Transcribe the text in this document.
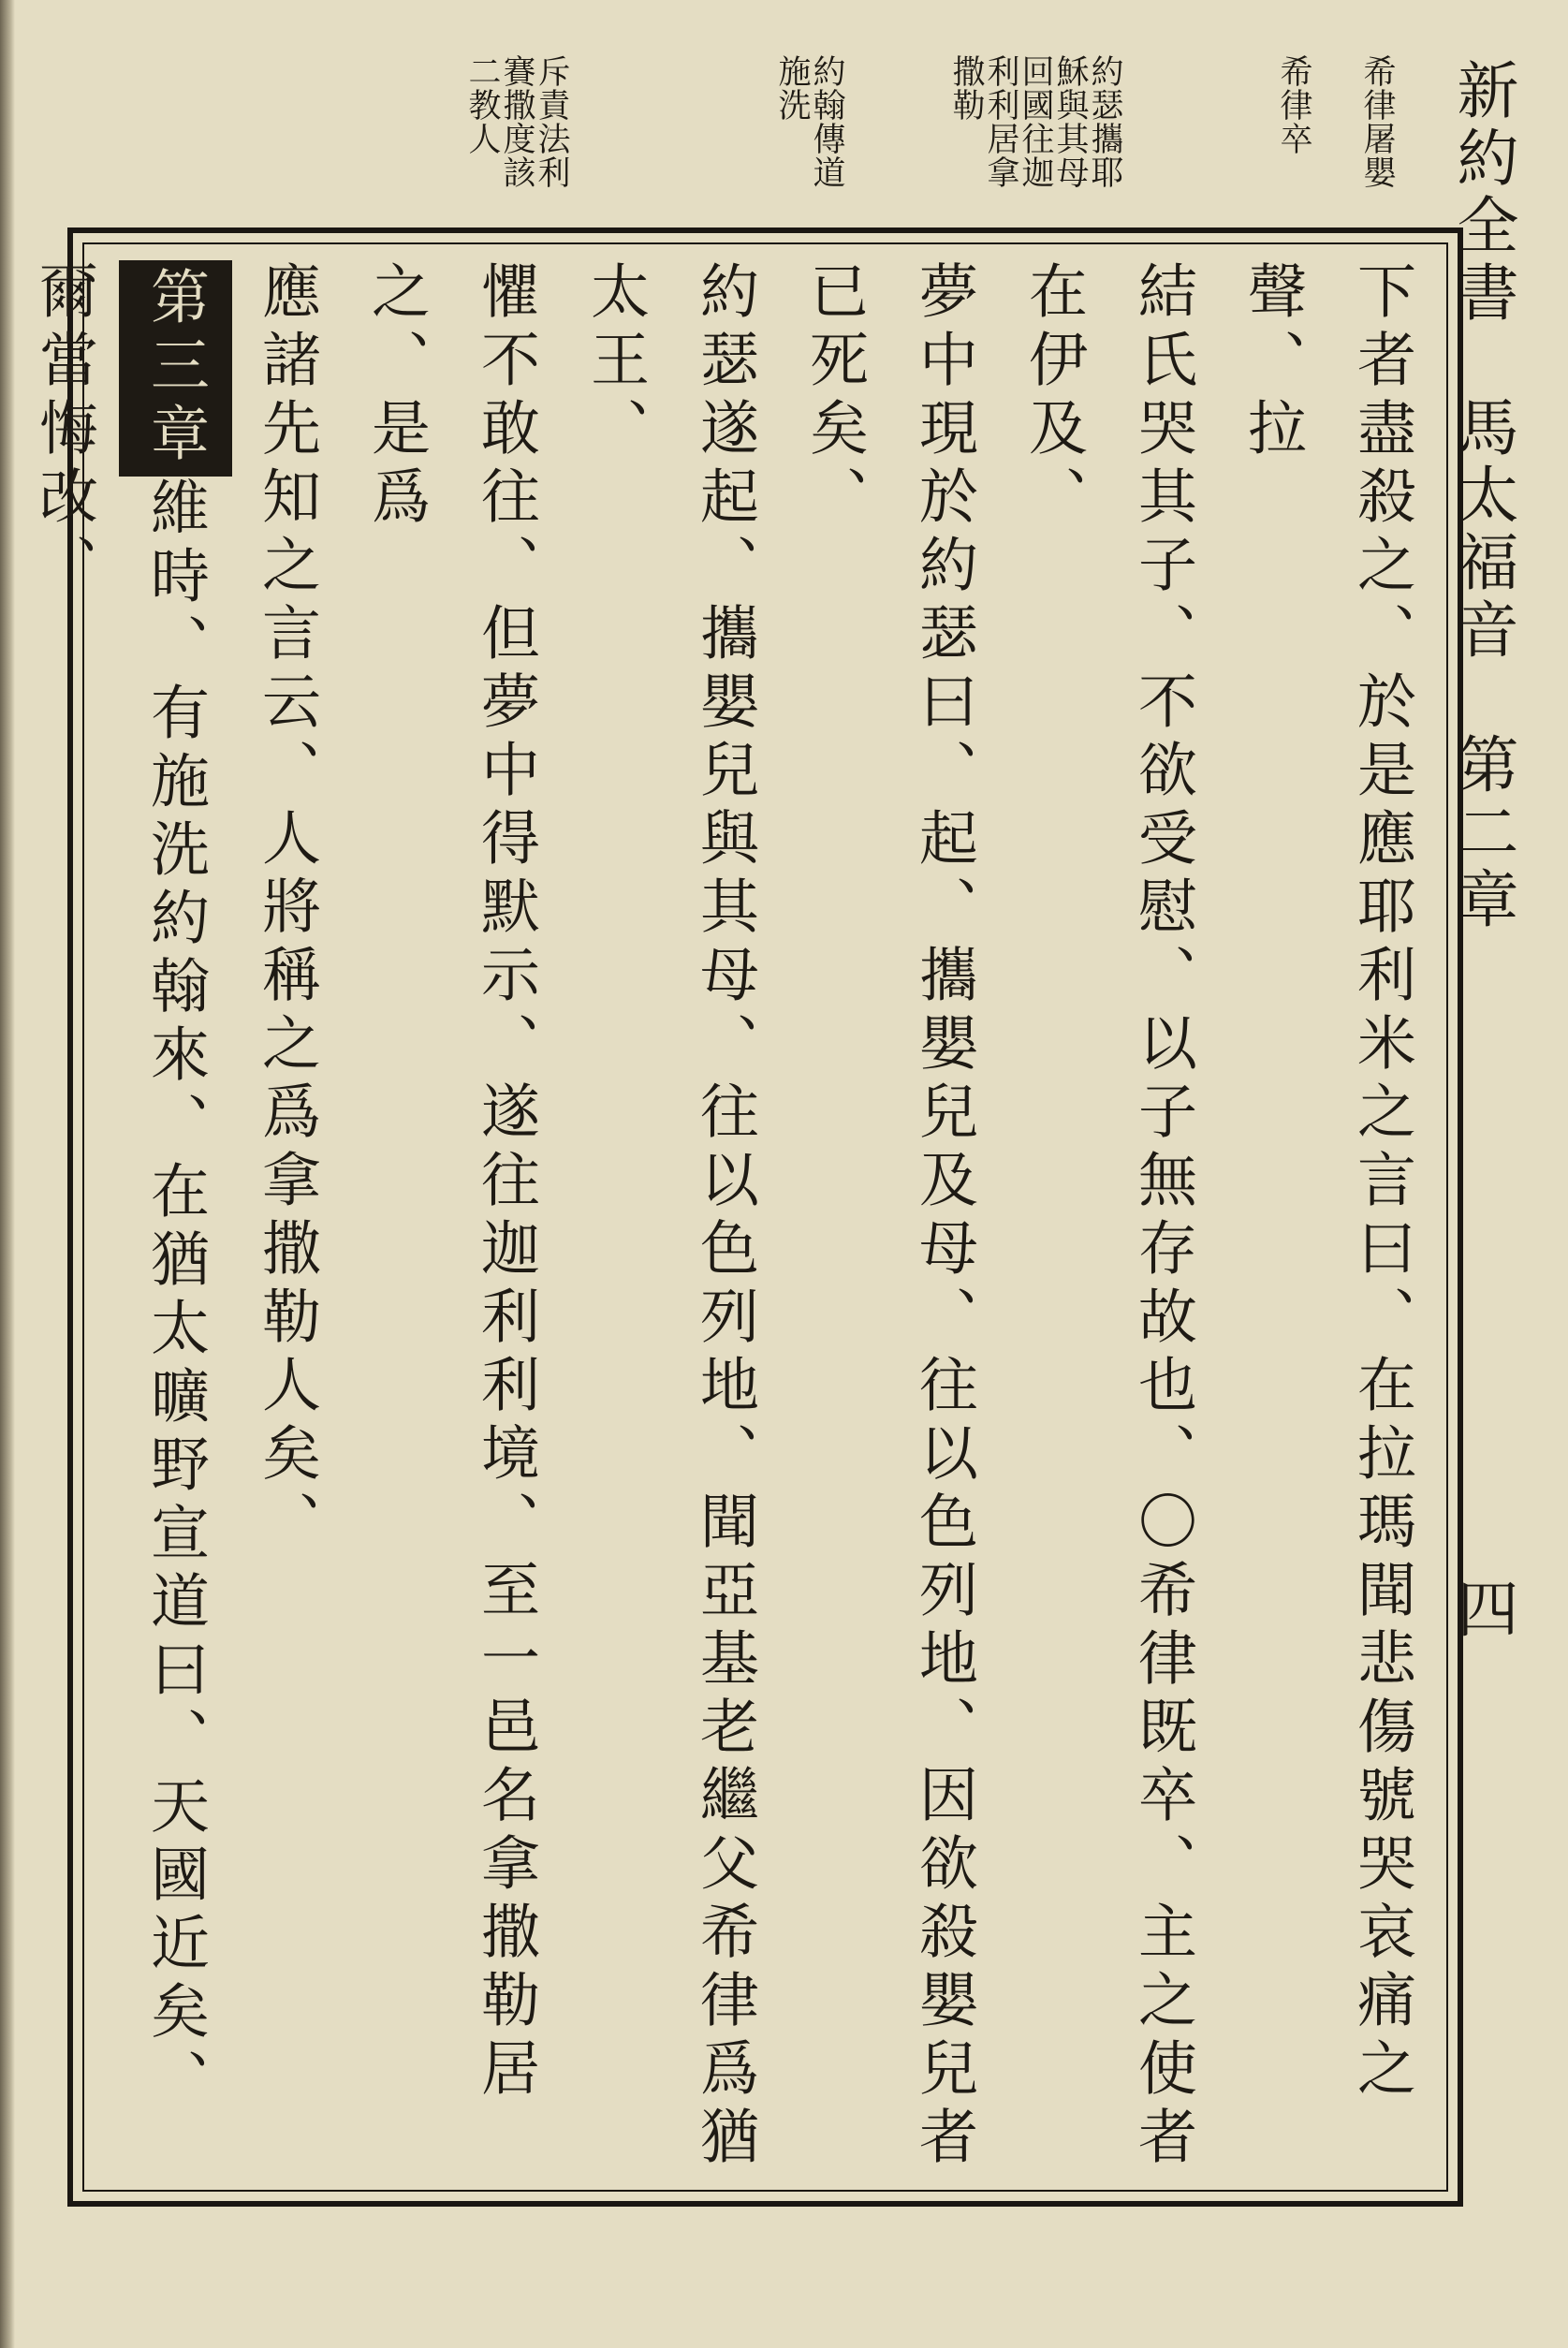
新約全書　馬太福音　第二章  四

希律屠嬰
希律卒
約瑟攜耶
穌與其母
回國往迦
利利居拿
撒勒
約翰傳道
施洗
斥責法利
賽撒度該
二教人
下者盡殺之、於是應耶利米之言曰、在拉瑪聞悲傷號哭哀痛之聲、拉
結氏哭其子、不欲受慰、以子無存故也、〇希律既卒、主之使者在伊及、
夢中現於約瑟曰、起、攜嬰兒及母、往以色列地、因欲殺嬰兒者已死矣、
約瑟遂起、攜嬰兒與其母、往以色列地、聞亞基老繼父希律爲猶太王、
懼不敢往、但夢中得默示、遂往迦利利境、至一邑名拿撒勒居之、是爲
應諸先知之言云、人將稱之爲拿撒勒人矣、
第三章維時、有施洗約翰來、在猶太曠野宣道曰、天國近矣、爾當悔改、
